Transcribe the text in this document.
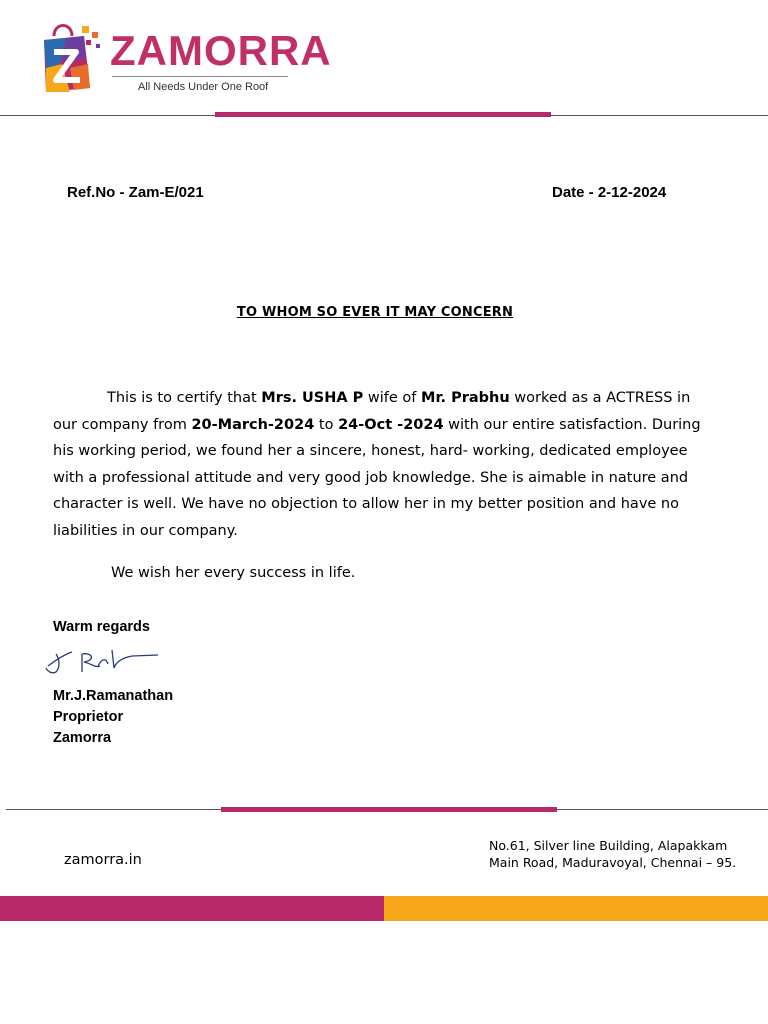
ZAMORRA
All Needs Under One Roof
Ref.No - Zam-E/021	Date - 2-12-2024
TO WHOM SO EVER IT MAY CONCERN
This is to certify that Mrs. USHA P wife of Mr. Prabhu worked as a ACTRESS in our company from 20-March-2024 to 24-Oct -2024 with our entire satisfaction. During his working period, we found her a sincere, honest, hard- working, dedicated employee with a professional attitude and very good job knowledge. She is aimable in nature and character is well. We have no objection to allow her in my better position and have no liabilities in our company.
We wish her every success in life.
Warm regards
Mr.J.Ramanathan
Proprietor
Zamorra
zamorra.in
No.61, Silver line Building, Alapakkam
Main Road, Maduravoyal, Chennai – 95.
